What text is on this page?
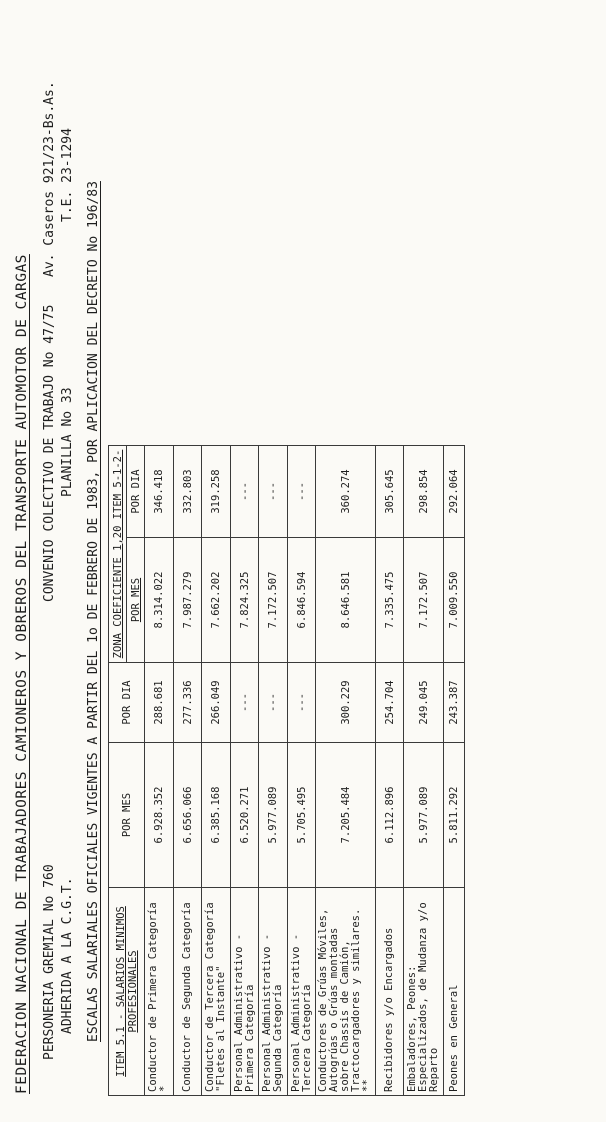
FEDERACION NACIONAL DE TRABAJADORES CAMIONEROS Y OBREROS DEL TRANSPORTE AUTOMOTOR DE CARGAS PERSONERIA GREMIAL No 760 ADHERIDA A LA C.G.T.
CONVENIO COLECTIVO DE TRABAJO No 47/75 PLANILLA No 33
Av. Caseros 921/23-Bs.As. T.E. 23-1294
ESCALAS SALARIALES OFICIALES VIGENTES A PARTIR DEL 1o DE FEBRERO DE 1983, POR APLICACION DEL DECRETO No 196/83 ITEM 5.1 - SALARIOS MINIMOS PROFESIONALES	POR MES	POR DIA	ZONA COEFICIENTE 1,20 ITEM 5-1-2-	
			POR MES	POR DIA
Conductor de Primera Categoría *	6.928.352	288.681	8.314.022	346.418
Conductor de Segunda Categoría	6.656.066	277.336	7.987.279	332.803
Conductor de Tercera Categoría "Fletes al Instante"	6.385.168	266.049	7.662.202	319.258
Personal Administrativo - Primera Categoría	6.520.271	---	7.824.325	---
Personal Administrativo - Segunda Categoría	5.977.089	---	7.172.507	---
Personal Administrativo - Tercera Categoría	5.705.495	---	6.846.594	---
Conductores de Grúas Móviles, Autogrúas o Grúas montadas sobre Chassis de Camión, Tractocargadores y similares. **	7.205.484	300.229	8.646.581	360.274
Recibidores y/o Encargados	6.112.896	254.704	7.335.475	305.645
Embaladores, Peones: Especializados, de Mudanza y/o Reparto	5.977.089	249.045	7.172.507	298.854
Peones en General	5.811.292	243.387	7.009.550	292.064
